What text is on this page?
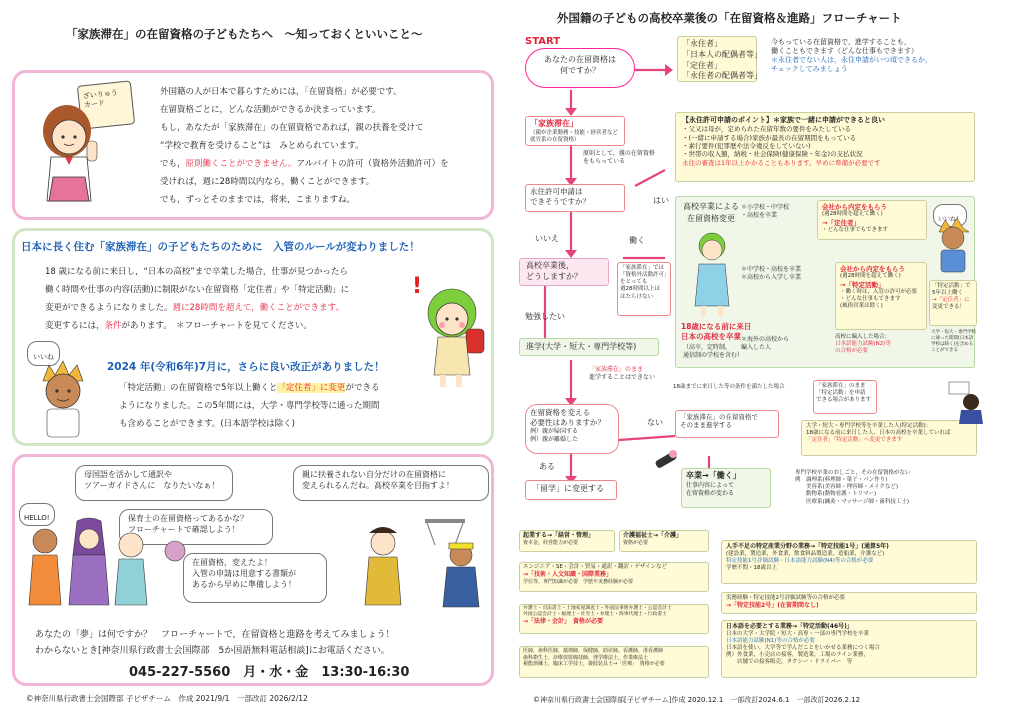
「家族滞在」の在留資格の子どもたちへ　～知っておくといいこと～
ざいりゅう
カード
外国籍の人が日本で暮らすためには，「在留資格」が必要です。
在留資格ごとに，どんな活動ができるか決まっています。
もし，あなたが「家族滞在」の在留資格であれば，親の扶養を受けて
“学校で教育を受けること”は　みとめられています。
でも，原則働くことができません。アルバイトの許可（資格外活動許可）を
受ければ，週に28時間以内なら，働くことができます。
でも，ずっとそのままでは，将来，こまりますね。
日本に長く住む「家族滞在」の子どもたちのために　入管のルールが変わりました！
18 歳になる前に来日し，“日本の高校”まで卒業した場合，仕事が見つかったら
働く時間や仕事の内容(活動)に制限がない在留資格「定住者」や「特定活動」に
変更ができるようになりました。週に28時間を超えて，働くことができます。
変更するには，条件があります。　＊フローチャートを見てください。
!
いいね
2024 年(令和6年)7月に，さらに良い改正がありました！
「特定活動」の在留資格で5年以上働くと「定住者」に変更ができる
ようになりました。この5年間には，大学・専門学校等に通った期間
も含めることができます。(日本語学校は除く)
母国語を活かして通訳や
ツアーガイドさんに　なりたいなぁ！
親に扶養されない自分だけの在留資格に
変えられるんだね。高校卒業を目指すよ！
保育士の在留資格ってあるかな？
フローチャートで確認しよう！
在留資格，変えたよ！
入管の申請は用意する書類が
あるから早めに準備しよう！
HELLO!
あなたの「夢」は何ですか？　フローチャートで，在留資格と進路を考えてみましょう！
わからないとき[神奈川県行政書士会国際部　5か国語無料電話相談]にお電話ください。
045-227-5560　月・水・金　13:30-16:30
©神奈川県行政書士会国際部 子ビザチーム　作成 2021/9/1　一部改訂 2026/2/12
外国籍の子どもの高校卒業後の「在留資格＆進路」フローチャート
START
あなたの在留資格は
何ですか？
「永住者」
「日本人の配偶者等」
「定住者」
「永住者の配偶者等」
今もっている在留資格で，進学することも，
働くこともできます（どんな仕事もできます）
＊永住者でない人は，永住申請がいつ頃できるか，
チェックしてみましょう
「家族滞在」
（親が企業勤務・技能・経営者など
就労系の在留資格）
原則として，親の在留資格
をもらっている
【永住許可申請のポイント】＊家族で一緒に申請ができると良い
・父又は母が，定められた在留年数の要件をみたしている
・(一緒に申請する場合)家族が最長の在留期間をもっている
・素行要件(犯罪歴や法令違反をしていない)
・世帯の収入額，納税・社会保険(健康保険・年金)の支払状況
永住の審査は1年以上かかることもあります。早めに準備が必要です
永住許可申請は
できそうですか？	はい
いいえ	働く
高校卒業後，
どうしますか？
「家族滞在」では
「資格外活動許可」
をとっても
週28時間以上は
はたらけない
勉強したい
高校卒業による
在留資格変更
18歳になる前に来日
日本の高校を卒業
（高卒，定時制，
通信制の学校を含む）
＊小学校・中学校
・高校を卒業
会社から内定をもらう
(週28時間を超えて働く)
→「定住者」
・どんな仕事でもできます
いいね！
＊中学校・高校を卒業
＊高校から入学し卒業
会社から内定をもらう
(週28時間を超えて働く)
→「特定活動」
・働く時は，入管の許可が必要
・どんな仕事もできます
(風俗営業は除く)
「特定活動」で
5年以上働く
→「定住者」に
変更できる！
大学・短大・専門学校
に通った期間(日本語
学校は除く)を含める
ことができる
＊海外の高校から
編入した人
高校に編入した場合：
日本語能力試験(N2)等
の合格が必要
進学(大学・短大・専門学校等)
「家族滞在」のまま
進学することはできない
18歳までに来日した等の条件を満たした場合	「家族滞在」のまま
「特定活動」を申請
できる場合があります
在留資格を変える
必要性はありますか？
例）親が帰国する
例）親が離婚した
ない
「家族滞在」の在留資格で
そのまま進学する
ある
「留学」に変更する
卒業→「働く」
仕事内容によって
在留資格が変わる
大学・短大・専門学校等を卒業した人(特定活動)：
18歳になる前に来日した人，日本の高校を卒業していれば
「定住者」「特定活動」へ変更できます
専門学校卒業のおしごと，その在留資格がない
例　調理系(料理師・菓子・パン作り)
　　美容系(美容師・理容師・メイクなど)
　　動物系(動物看護・トリマー)
　　医療系(鍼灸・マッサージ師・歯科技工士)
起業する→「経営・管理」
資本金，経営能力が必要
介護福祉士→「介護」
資格が必要
エンジニア・SE・会計・貿易・通訳・翻訳・デザインなど
→「技術・人文知識・国際業務」
学位等，専門知識が必要　学歴や実務経験が必要
弁護士・司法書士・土地家屋調査士・外国法事務弁護士・公認会計士
外国公認会計士・税理士・社労士・弁理士・海事代理士・行政書士
→「法律・会計」　資格が必要
医師，歯科医師，薬剤師，保健師，助産師，看護師，准看護師
歯科衛生士，診療放射線技師，理学療法士，作業療法士
視能訓練士，臨床工学技士，義肢装具士→「医療」　資格が必要
人手不足の特定産業分野の業務→「特定技能1号」(通算5年)
(建設業，製造業，外食業，飲食料品製造業，造船業，介護など)
特定技能1号評価試験・日本語能力試験(N4)等の合格が必要
学歴不問・18歳以上
実務経験・特定技能2号評価試験等の合格が必要
→「特定技能2号」(在留期間なし)
日本語を必要とする業務→「特定活動(46号)」
日本の大学・大学院・短大・高専・一部の専門学校を卒業
日本語能力試験(N1)等の合格が必要
日本語を使い，大学等で学んだことをいかせる業務につく場合
例）外食業，小売店の接客，製造業，工場のライン業務，
　　店舗での接客販売，タクシー・ドライバー　等
©神奈川県行政書士会国際部[子ビザチーム]作成 2020.12.1　一部改訂2024.6.1　一部改訂2026.2.12
